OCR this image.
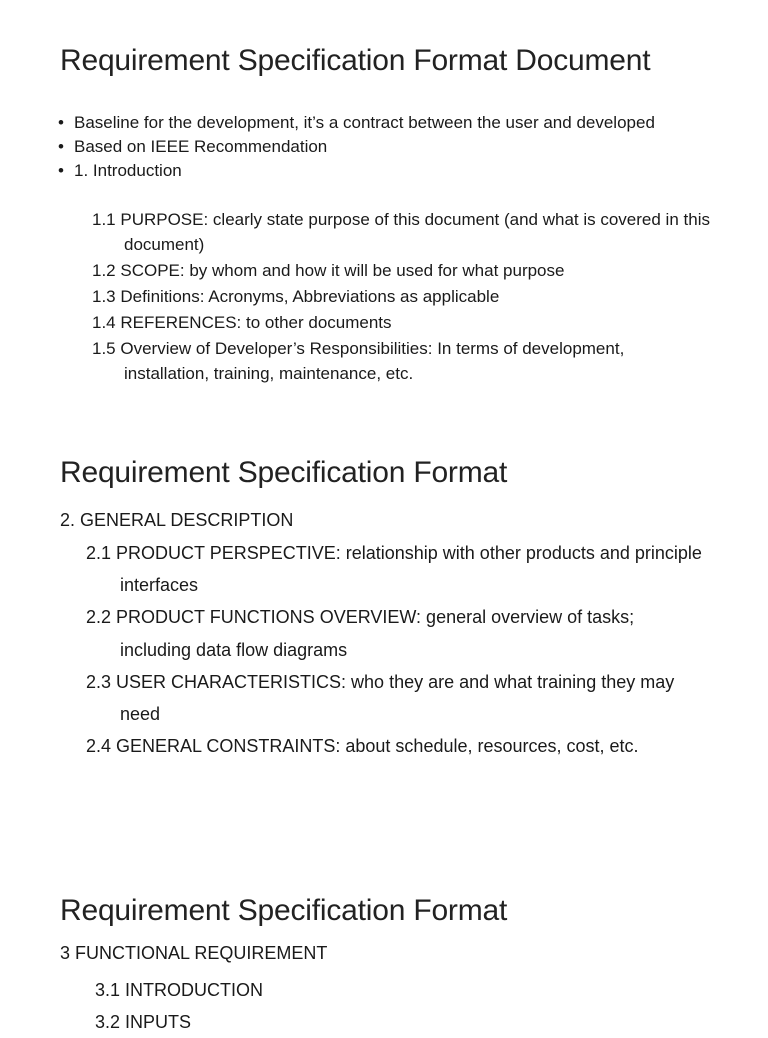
Requirement Specification Format Document
• Baseline for the development, it’s a contract between the user and developed
• Based on IEEE Recommendation
• 1. Introduction
1.1 PURPOSE: clearly state purpose of this document (and what is covered in this document)
1.2 SCOPE: by whom and how it will be used for what purpose
1.3 Definitions: Acronyms, Abbreviations as applicable
1.4 REFERENCES: to other documents
1.5 Overview of Developer’s Responsibilities: In terms of development, installation, training, maintenance, etc.
Requirement Specification Format
2. GENERAL DESCRIPTION
2.1 PRODUCT PERSPECTIVE: relationship with other products and principle interfaces
2.2 PRODUCT FUNCTIONS OVERVIEW: general overview of tasks; including data flow diagrams
2.3 USER CHARACTERISTICS: who they are and what training they may need
2.4 GENERAL CONSTRAINTS: about schedule, resources, cost, etc.
Requirement Specification Format
3 FUNCTIONAL REQUIREMENT
3.1 INTRODUCTION
3.2 INPUTS
